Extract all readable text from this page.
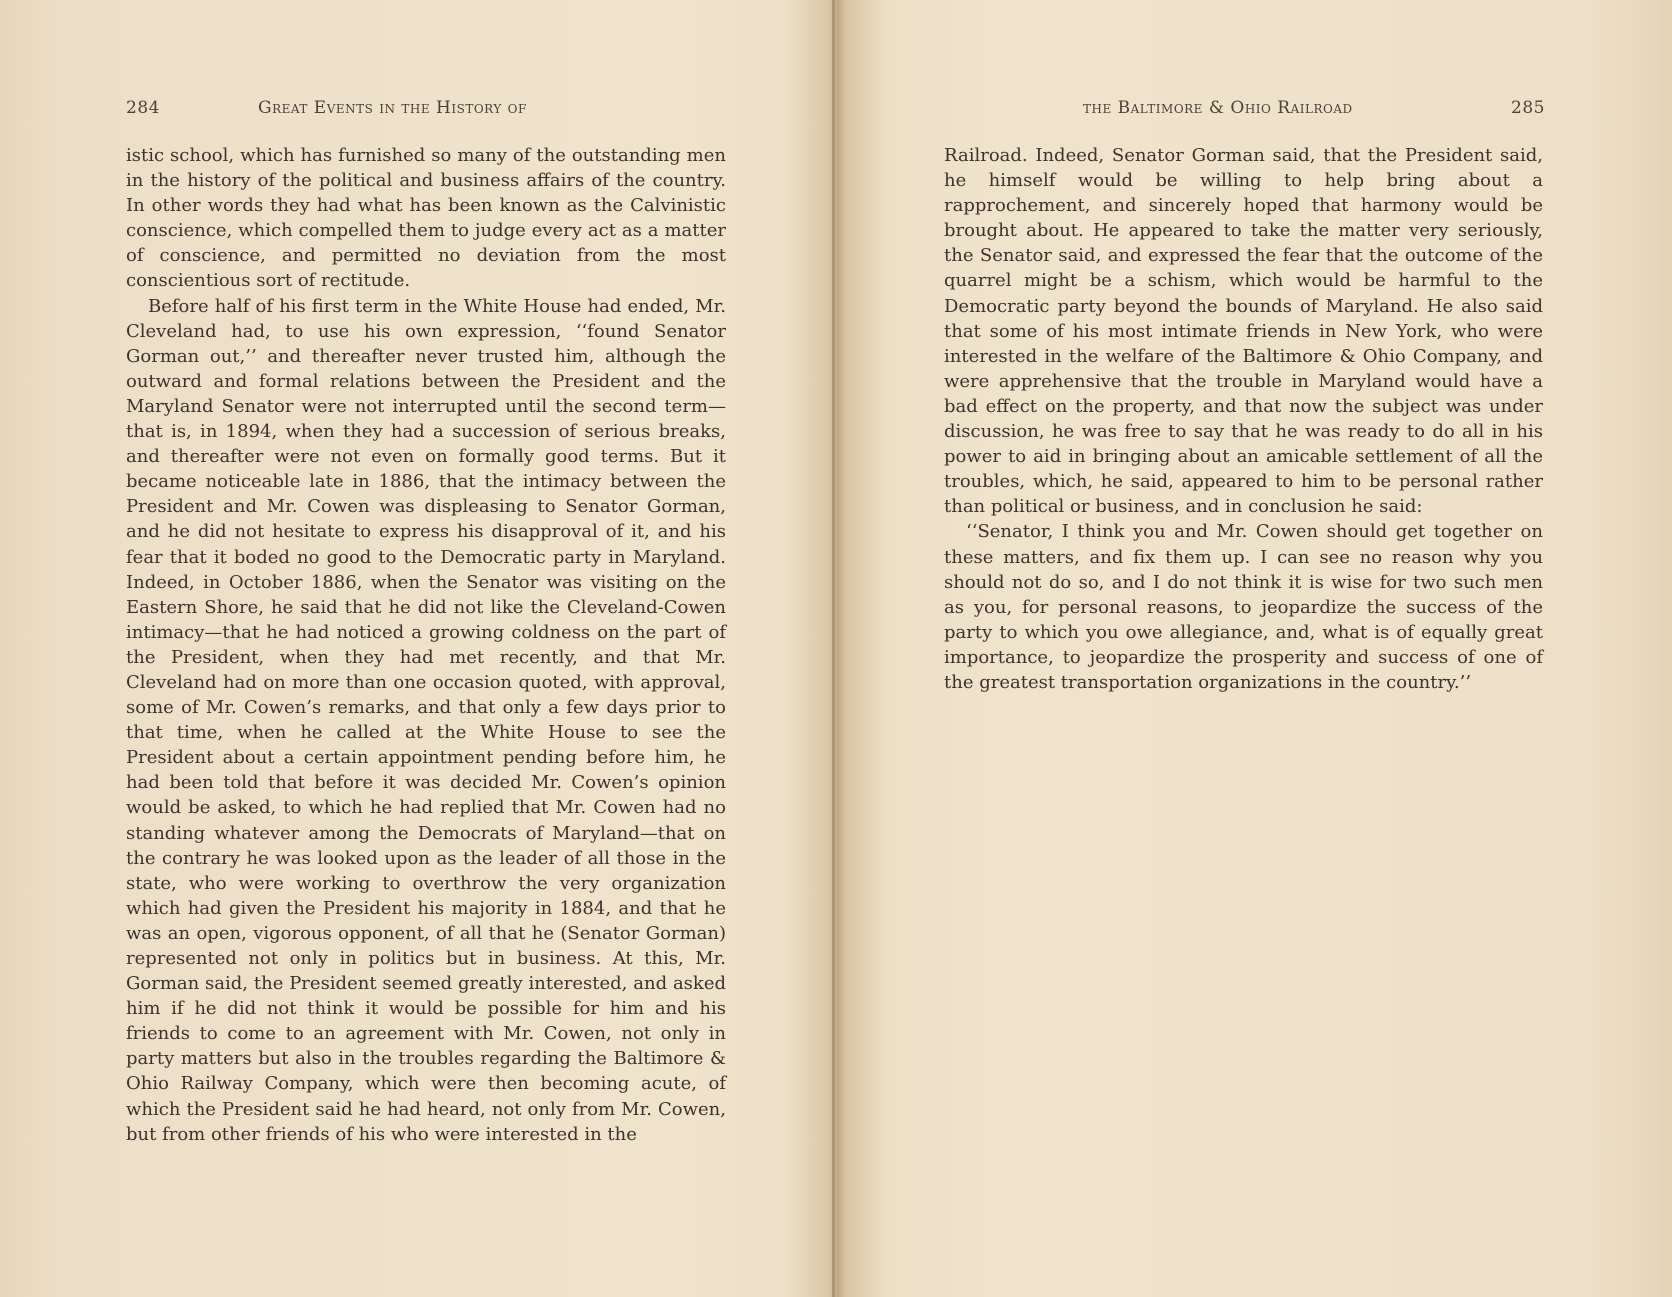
284	Great Events in the History of

istic school, which has furnished so many of the outstanding men in the history of the political and business affairs of the country. In other words they had what has been known as the Calvinistic conscience, which compelled them to judge every act as a matter of conscience, and permitted no deviation from the most conscientious sort of rectitude.

Before half of his first term in the White House had ended, Mr. Cleveland had, to use his own expression, ‘‘found Senator Gorman out,’’ and thereafter never trusted him, although the outward and formal relations between the President and the Maryland Senator were not interrupted until the second term—that is, in 1894, when they had a succession of serious breaks, and thereafter were not even on formally good terms. But it became noticeable late in 1886, that the intimacy between the President and Mr. Cowen was displeasing to Senator Gorman, and he did not hesitate to express his disapproval of it, and his fear that it boded no good to the Democratic party in Maryland. Indeed, in October 1886, when the Senator was visiting on the Eastern Shore, he said that he did not like the Cleveland-Cowen intimacy—that he had noticed a growing coldness on the part of the President, when they had met recently, and that Mr. Cleveland had on more than one occasion quoted, with approval, some of Mr. Cowen’s remarks, and that only a few days prior to that time, when he called at the White House to see the President about a certain appointment pending before him, he had been told that before it was decided Mr. Cowen’s opinion would be asked, to which he had replied that Mr. Cowen had no standing whatever among the Democrats of Maryland—that on the contrary he was looked upon as the leader of all those in the state, who were working to overthrow the very organization which had given the President his majority in 1884, and that he was an open, vigorous opponent, of all that he (Senator Gorman) represented not only in politics but in business. At this, Mr. Gorman said, the President seemed greatly interested, and asked him if he did not think it would be possible for him and his friends to come to an agreement with Mr. Cowen, not only in party matters but also in the troubles regarding the Baltimore & Ohio Railway Company, which were then becoming acute, of which the President said he had heard, not only from Mr. Cowen, but from other friends of his who were interested in the

the Baltimore & Ohio Railroad	285

Railroad. Indeed, Senator Gorman said, that the President said, he himself would be willing to help bring about a rapprochement, and sincerely hoped that harmony would be brought about. He appeared to take the matter very seriously, the Senator said, and expressed the fear that the outcome of the quarrel might be a schism, which would be harmful to the Democratic party beyond the bounds of Maryland. He also said that some of his most intimate friends in New York, who were interested in the welfare of the Baltimore & Ohio Company, and were apprehensive that the trouble in Maryland would have a bad effect on the property, and that now the subject was under discussion, he was free to say that he was ready to do all in his power to aid in bringing about an amicable settlement of all the troubles, which, he said, appeared to him to be personal rather than political or business, and in conclusion he said:

‘‘Senator, I think you and Mr. Cowen should get together on these matters, and fix them up. I can see no reason why you should not do so, and I do not think it is wise for two such men as you, for personal reasons, to jeopardize the success of the party to which you owe allegiance, and, what is of equally great importance, to jeopardize the prosperity and success of one of the greatest transportation organizations in the country.’’
